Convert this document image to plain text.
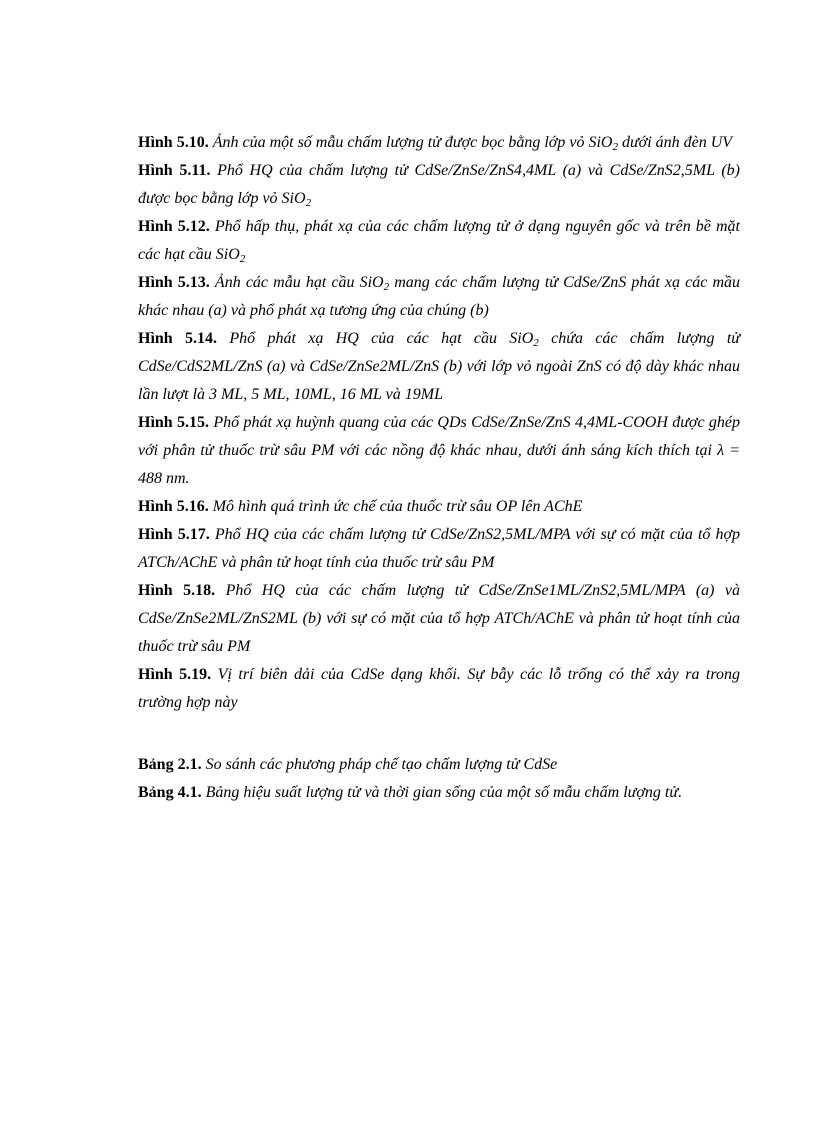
Hình 5.10. Ảnh của một số mẫu chấm lượng tử được bọc bằng lớp vỏ SiO$_2$ dưới ánh đèn UV

Hình 5.11. Phổ HQ của chấm lượng tử CdSe/ZnSe/ZnS4,4ML (a) và CdSe/ZnS2,5ML (b) được bọc bằng lớp vỏ SiO$_2$

Hình 5.12. Phổ hấp thụ, phát xạ của các chấm lượng tử ở dạng nguyên gốc và trên bề mặt các hạt cầu SiO$_2$

Hình 5.13. Ảnh các mẫu hạt cầu SiO$_2$ mang các chấm lượng tử CdSe/ZnS phát xạ các mầu khác nhau (a) và phổ phát xạ tương ứng của chúng (b)

Hình 5.14. Phổ phát xạ HQ của các hạt cầu SiO$_2$ chứa các chấm lượng tử CdSe/CdS2ML/ZnS (a) và CdSe/ZnSe2ML/ZnS (b) với lớp vỏ ngoài ZnS có độ dày khác nhau lần lượt là 3 ML, 5 ML, 10ML, 16 ML và 19ML

Hình 5.15. Phổ phát xạ huỳnh quang của các QDs CdSe/ZnSe/ZnS 4,4ML-COOH được ghép với phân tử thuốc trừ sâu PM với các nồng độ khác nhau, dưới ánh sáng kích thích tại λ = 488 nm.

Hình 5.16. Mô hình quá trình ức chế của thuốc trừ sâu OP lên AChE

Hình 5.17. Phổ HQ của các chấm lượng tử CdSe/ZnS2,5ML/MPA với sự có mặt của tổ hợp ATCh/AChE và phân tử hoạt tính của thuốc trừ sâu PM

Hình 5.18. Phổ HQ của các chấm lượng tử CdSe/ZnSe1ML/ZnS2,5ML/MPA (a) và CdSe/ZnSe2ML/ZnS2ML (b) với sự có mặt của tổ hợp ATCh/AChE và phân tử hoạt tính của thuốc trừ sâu PM

Hình 5.19. Vị trí biên dải của CdSe dạng khối. Sự bẫy các lỗ trống có thể xảy ra trong trường hợp này

Bảng 2.1. So sánh các phương pháp chế tạo chấm lượng tử CdSe

Bảng 4.1. Bảng hiệu suất lượng tử và thời gian sống của một số mẫu chấm lượng tử.
